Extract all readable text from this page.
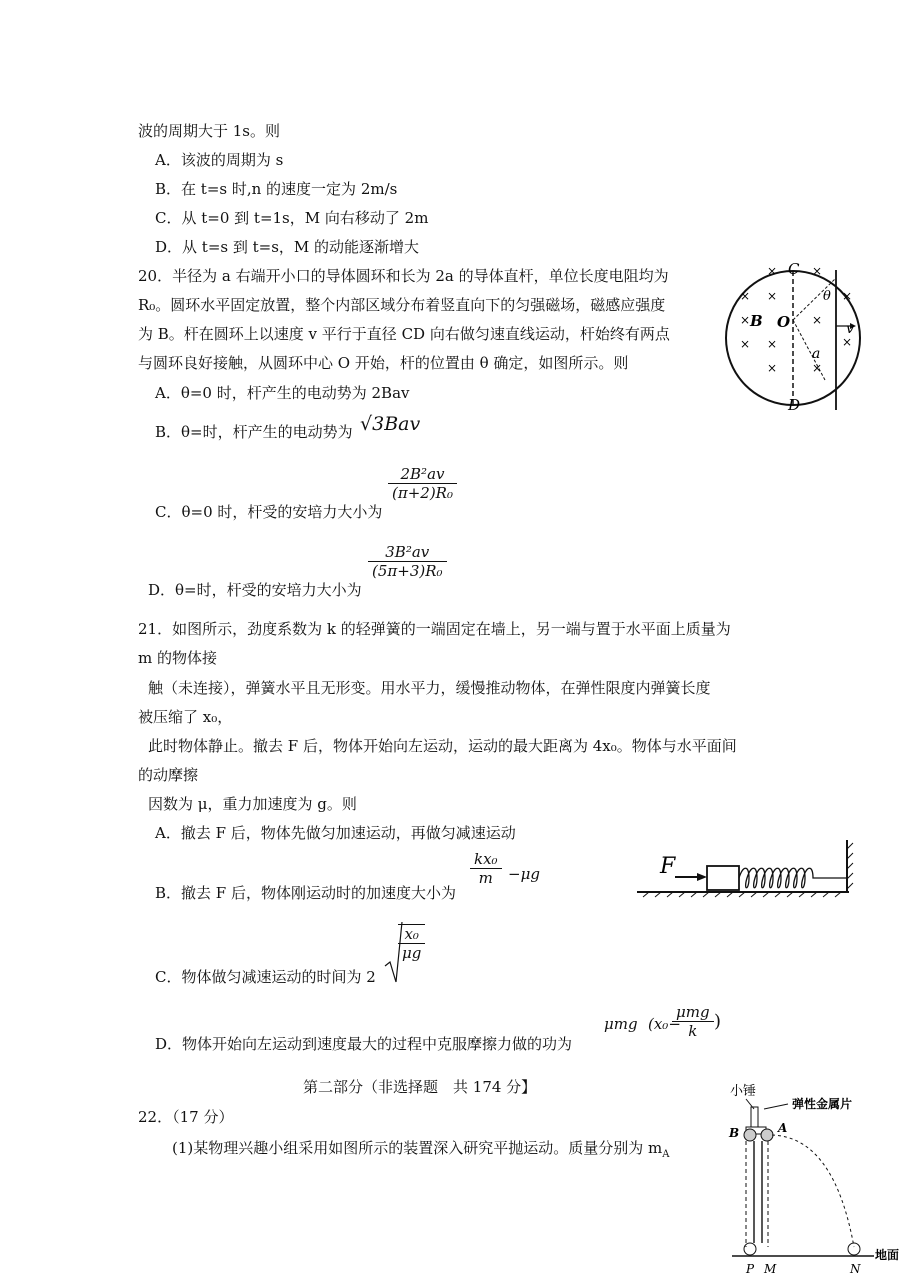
波的周期大于 1s。则
A．该波的周期为 s
B．在 t=s 时,n 的速度一定为 2m/s
C．从 t=0 到 t=1s，M 向右移动了 2m
D．从 t=s 到 t=s，M 的动能逐渐增大
20．半径为 a 右端开小口的导体圆环和长为 2a 的导体直杆，单位长度电阻均为
R₀。圆环水平固定放置，整个内部区域分布着竖直向下的匀强磁场，磁感应强度
为 B。杆在圆环上以速度 v 平行于直径 CD 向右做匀速直线运动，杆始终有两点
与圆环良好接触，从圆环中心 O 开始，杆的位置由 θ 确定，如图所示。则
A．θ=0 时，杆产生的电动势为 2Bav
B．θ=时，杆产生的电动势为 √3Bav
C．θ=0 时，杆受的安培力大小为
2B²av
(π+2)R₀
D．θ=时，杆受的安培力大小为
3B²av
(5π+3)R₀
C
D
B O
θ
v
a
×	×
× ×	×
×	×
×
× ×
×	×
21．如图所示，劲度系数为 k 的轻弹簧的一端固定在墙上，另一端与置于水平面上质量为
m 的物体接
触（未连接），弹簧水平且无形变。用水平力，缓慢推动物体，在弹性限度内弹簧长度
被压缩了 x₀，
此时物体静止。撤去 F 后，物体开始向左运动，运动的最大距离为 4x₀。物体与水平面间
的动摩擦
因数为 μ，重力加速度为 g。则
A．撤去 F 后，物体先做匀加速运动，再做匀减速运动
B．撤去 F 后，物体刚运动时的加速度大小为
kx₀
m	−μg
C．物体做匀减速运动的时间为 2
x₀
μg
D．物体开始向左运动到速度最大的过程中克服摩擦力做的功为
μmg (x₀−
μmg
k )
F
第二部分（非选择题　共 174 分】
22．（17 分）
(1)某物理兴趣小组采用如图所示的装置深入研究平抛运动。质量分别为 $m_A$
小锤
弹性金属片
B	A
P M	N
地面
